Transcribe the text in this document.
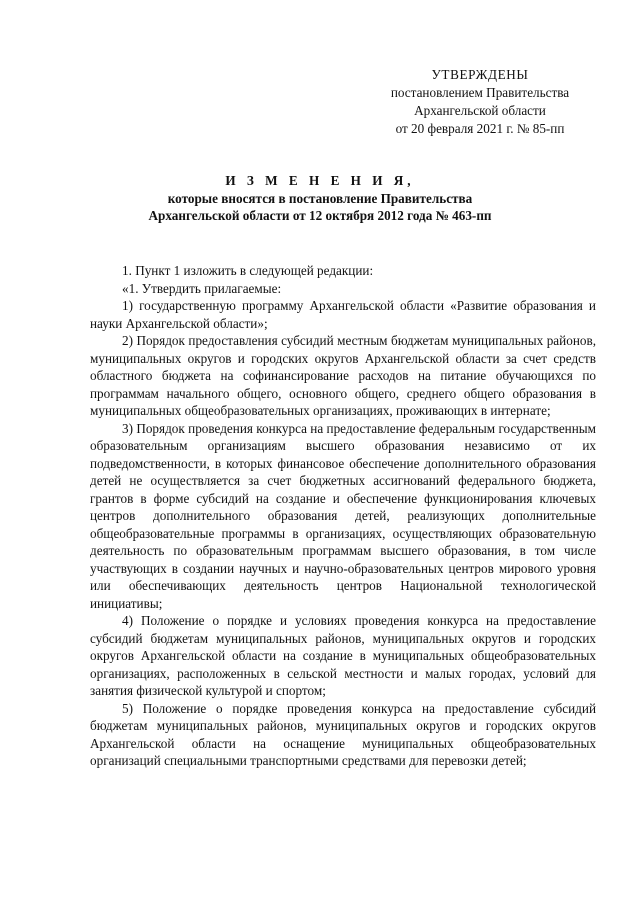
УТВЕРЖДЕНЫ
постановлением Правительства
Архангельской области
от 20 февраля 2021 г. № 85-пп
И З М Е Н Е Н И Я,
которые вносятся в постановление Правительства
Архангельской области от 12 октября 2012 года № 463-пп

1. Пункт 1 изложить в следующей редакции:

«1. Утвердить прилагаемые:

1) государственную программу Архангельской области «Развитие образования и науки Архангельской области»;

2) Порядок предоставления субсидий местным бюджетам муниципальных районов, муниципальных округов и городских округов Архангельской области за счет средств областного бюджета на софинансирование расходов на питание обучающихся по программам начального общего, основного общего, среднего общего образования в муниципальных общеобразовательных организациях, проживающих в интернате;

3) Порядок проведения конкурса на предоставление федеральным государственным образовательным организациям высшего образования независимо от их подведомственности, в которых финансовое обеспечение дополнительного образования детей не осуществляется за счет бюджетных ассигнований федерального бюджета, грантов в форме субсидий на создание и обеспечение функционирования ключевых центров дополнительного образования детей, реализующих дополнительные общеобразовательные программы в организациях, осуществляющих образовательную деятельность по образовательным программам высшего образования, в том числе участвующих в создании научных и научно-образовательных центров мирового уровня или обеспечивающих деятельность центров Национальной технологической инициативы;

4) Положение о порядке и условиях проведения конкурса на предоставление субсидий бюджетам муниципальных районов, муниципальных округов и городских округов Архангельской области на создание в муниципальных общеобразовательных организациях, расположенных в сельской местности и малых городах, условий для занятия физической культурой и спортом;

5) Положение о порядке проведения конкурса на предоставление субсидий бюджетам муниципальных районов, муниципальных округов и городских округов Архангельской области на оснащение муниципальных общеобразовательных организаций специальными транспортными средствами для перевозки детей;
